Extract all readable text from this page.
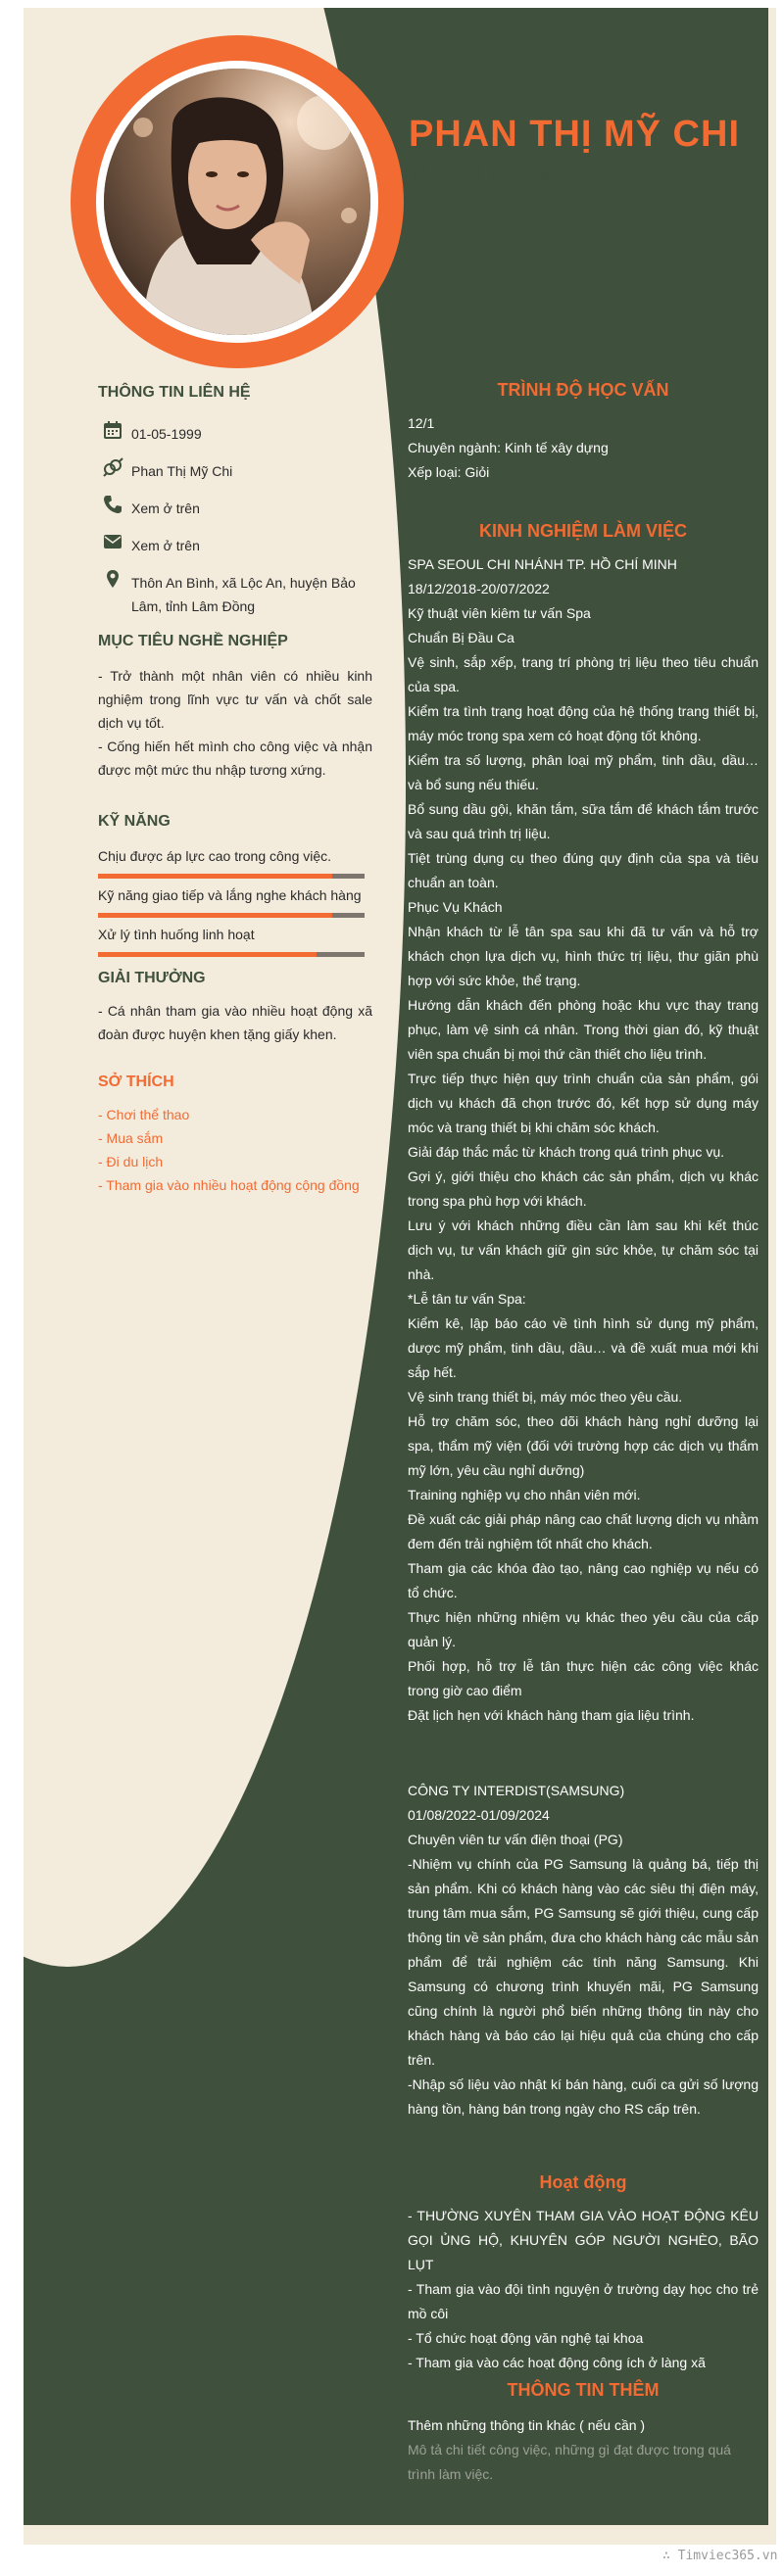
PHAN THỊ MỸ CHI
TƯ VẤN, LỄ TÂN SPA
THÔNG TIN LIÊN HỆ
01-05-1999
Phan Thị Mỹ Chi
Xem ở trên
Xem ở trên
Thôn An Bình, xã Lộc An, huyện Bảo Lâm, tỉnh Lâm Đồng
MỤC TIÊU NGHỀ NGHIỆP
- Trở thành một nhân viên có nhiều kinh nghiệm trong lĩnh vực tư vấn và chốt sale dịch vụ tốt.
- Cống hiến hết mình cho công việc và nhận được một mức thu nhập tương xứng.
KỸ NĂNG
Chịu được áp lực cao trong công việc.
Kỹ năng giao tiếp và lắng nghe khách hàng
Xử lý tình huống linh hoạt
GIẢI THƯỞNG
- Cá nhân tham gia vào nhiều hoạt động xã đoàn được huyện khen tặng giấy khen.
SỞ THÍCH
- Chơi thể thao
- Mua sắm
- Đi du lịch
- Tham gia vào nhiều hoạt động cộng đồng
TRÌNH ĐỘ HỌC VẤN
12/1
Chuyên ngành: Kinh tế xây dựng
Xếp loại: Giỏi
KINH NGHIỆM LÀM VIỆC
SPA SEOUL CHI NHÁNH TP. HỒ CHÍ MINH
18/12/2018-20/07/2022
Kỹ thuật viên kiêm tư vấn Spa
Chuẩn Bị Đầu Ca
Vệ sinh, sắp xếp, trang trí phòng trị liệu theo tiêu chuẩn của spa.
Kiểm tra tình trạng hoạt động của hệ thống trang thiết bị, máy móc trong spa xem có hoạt động tốt không.
Kiểm tra số lượng, phân loại mỹ phẩm, tinh dầu, dầu… và bổ sung nếu thiếu.
Bổ sung dầu gội, khăn tắm, sữa tắm để khách tắm trước và sau quá trình trị liệu.
Tiệt trùng dụng cụ theo đúng quy định của spa và tiêu chuẩn an toàn.
Phục Vụ Khách
Nhận khách từ lễ tân spa sau khi đã tư vấn và hỗ trợ khách chọn lựa dịch vụ, hình thức trị liệu, thư giãn phù hợp với sức khỏe, thể trạng.
Hướng dẫn khách đến phòng hoặc khu vực thay trang phục, làm vệ sinh cá nhân. Trong thời gian đó, kỹ thuật viên spa chuẩn bị mọi thứ cần thiết cho liệu trình.
Trực tiếp thực hiện quy trình chuẩn của sản phẩm, gói dịch vụ khách đã chọn trước đó, kết hợp sử dụng máy móc và trang thiết bị khi chăm sóc khách.
Giải đáp thắc mắc từ khách trong quá trình phục vụ.
Gợi ý, giới thiệu cho khách các sản phẩm, dịch vụ khác trong spa phù hợp với khách.
Lưu ý với khách những điều cần làm sau khi kết thúc dịch vụ, tư vấn khách giữ gìn sức khỏe, tự chăm sóc tại nhà.
*Lễ tân tư vấn Spa:
Kiểm kê, lập báo cáo về tình hình sử dụng mỹ phẩm, dược mỹ phẩm, tinh dầu, dầu… và đề xuất mua mới khi sắp hết.
Vệ sinh trang thiết bị, máy móc theo yêu cầu.
Hỗ trợ chăm sóc, theo dõi khách hàng nghỉ dưỡng lại spa, thẩm mỹ viện (đối với trường hợp các dịch vụ thẩm mỹ lớn, yêu cầu nghỉ dưỡng)
Training nghiệp vụ cho nhân viên mới.
Đề xuất các giải pháp nâng cao chất lượng dịch vụ nhằm đem đến trải nghiệm tốt nhất cho khách.
Tham gia các khóa đào tạo, nâng cao nghiệp vụ nếu có tổ chức.
Thực hiện những nhiệm vụ khác theo yêu cầu của cấp quản lý.
Phối hợp, hỗ trợ lễ tân thực hiện các công việc khác trong giờ cao điểm
Đặt lịch hẹn với khách hàng tham gia liệu trình.
CÔNG TY INTERDIST(SAMSUNG)
01/08/2022-01/09/2024
Chuyên viên tư vấn điện thoại (PG)
-Nhiệm vụ chính của PG Samsung là quảng bá, tiếp thị sản phẩm. Khi có khách hàng vào các siêu thị điện máy, trung tâm mua sắm, PG Samsung sẽ giới thiệu, cung cấp thông tin về sản phẩm, đưa cho khách hàng các mẫu sản phẩm để trải nghiệm các tính năng Samsung. Khi Samsung có chương trình khuyến mãi, PG Samsung cũng chính là người phổ biến những thông tin này cho khách hàng và báo cáo lại hiệu quả của chúng cho cấp trên.
-Nhập số liệu vào nhật kí bán hàng, cuối ca gửi số lượng hàng tồn, hàng bán trong ngày cho RS cấp trên.
Hoạt động
- THƯỜNG XUYÊN THAM GIA VÀO HOẠT ĐỘNG KÊU GỌI ỦNG HỘ, KHUYÊN GÓP NGƯỜI NGHÈO, BÃO LỤT
- Tham gia vào đội tình nguyện ở trường dạy học cho trẻ mồ côi
- Tổ chức hoạt động văn nghệ tại khoa
- Tham gia vào các hoạt động công ích ở làng xã
THÔNG TIN THÊM
Thêm những thông tin khác ( nếu cần )
Mô tả chi tiết công việc, những gì đạt được trong quá trình làm việc.
∴ Timviec365.vn
